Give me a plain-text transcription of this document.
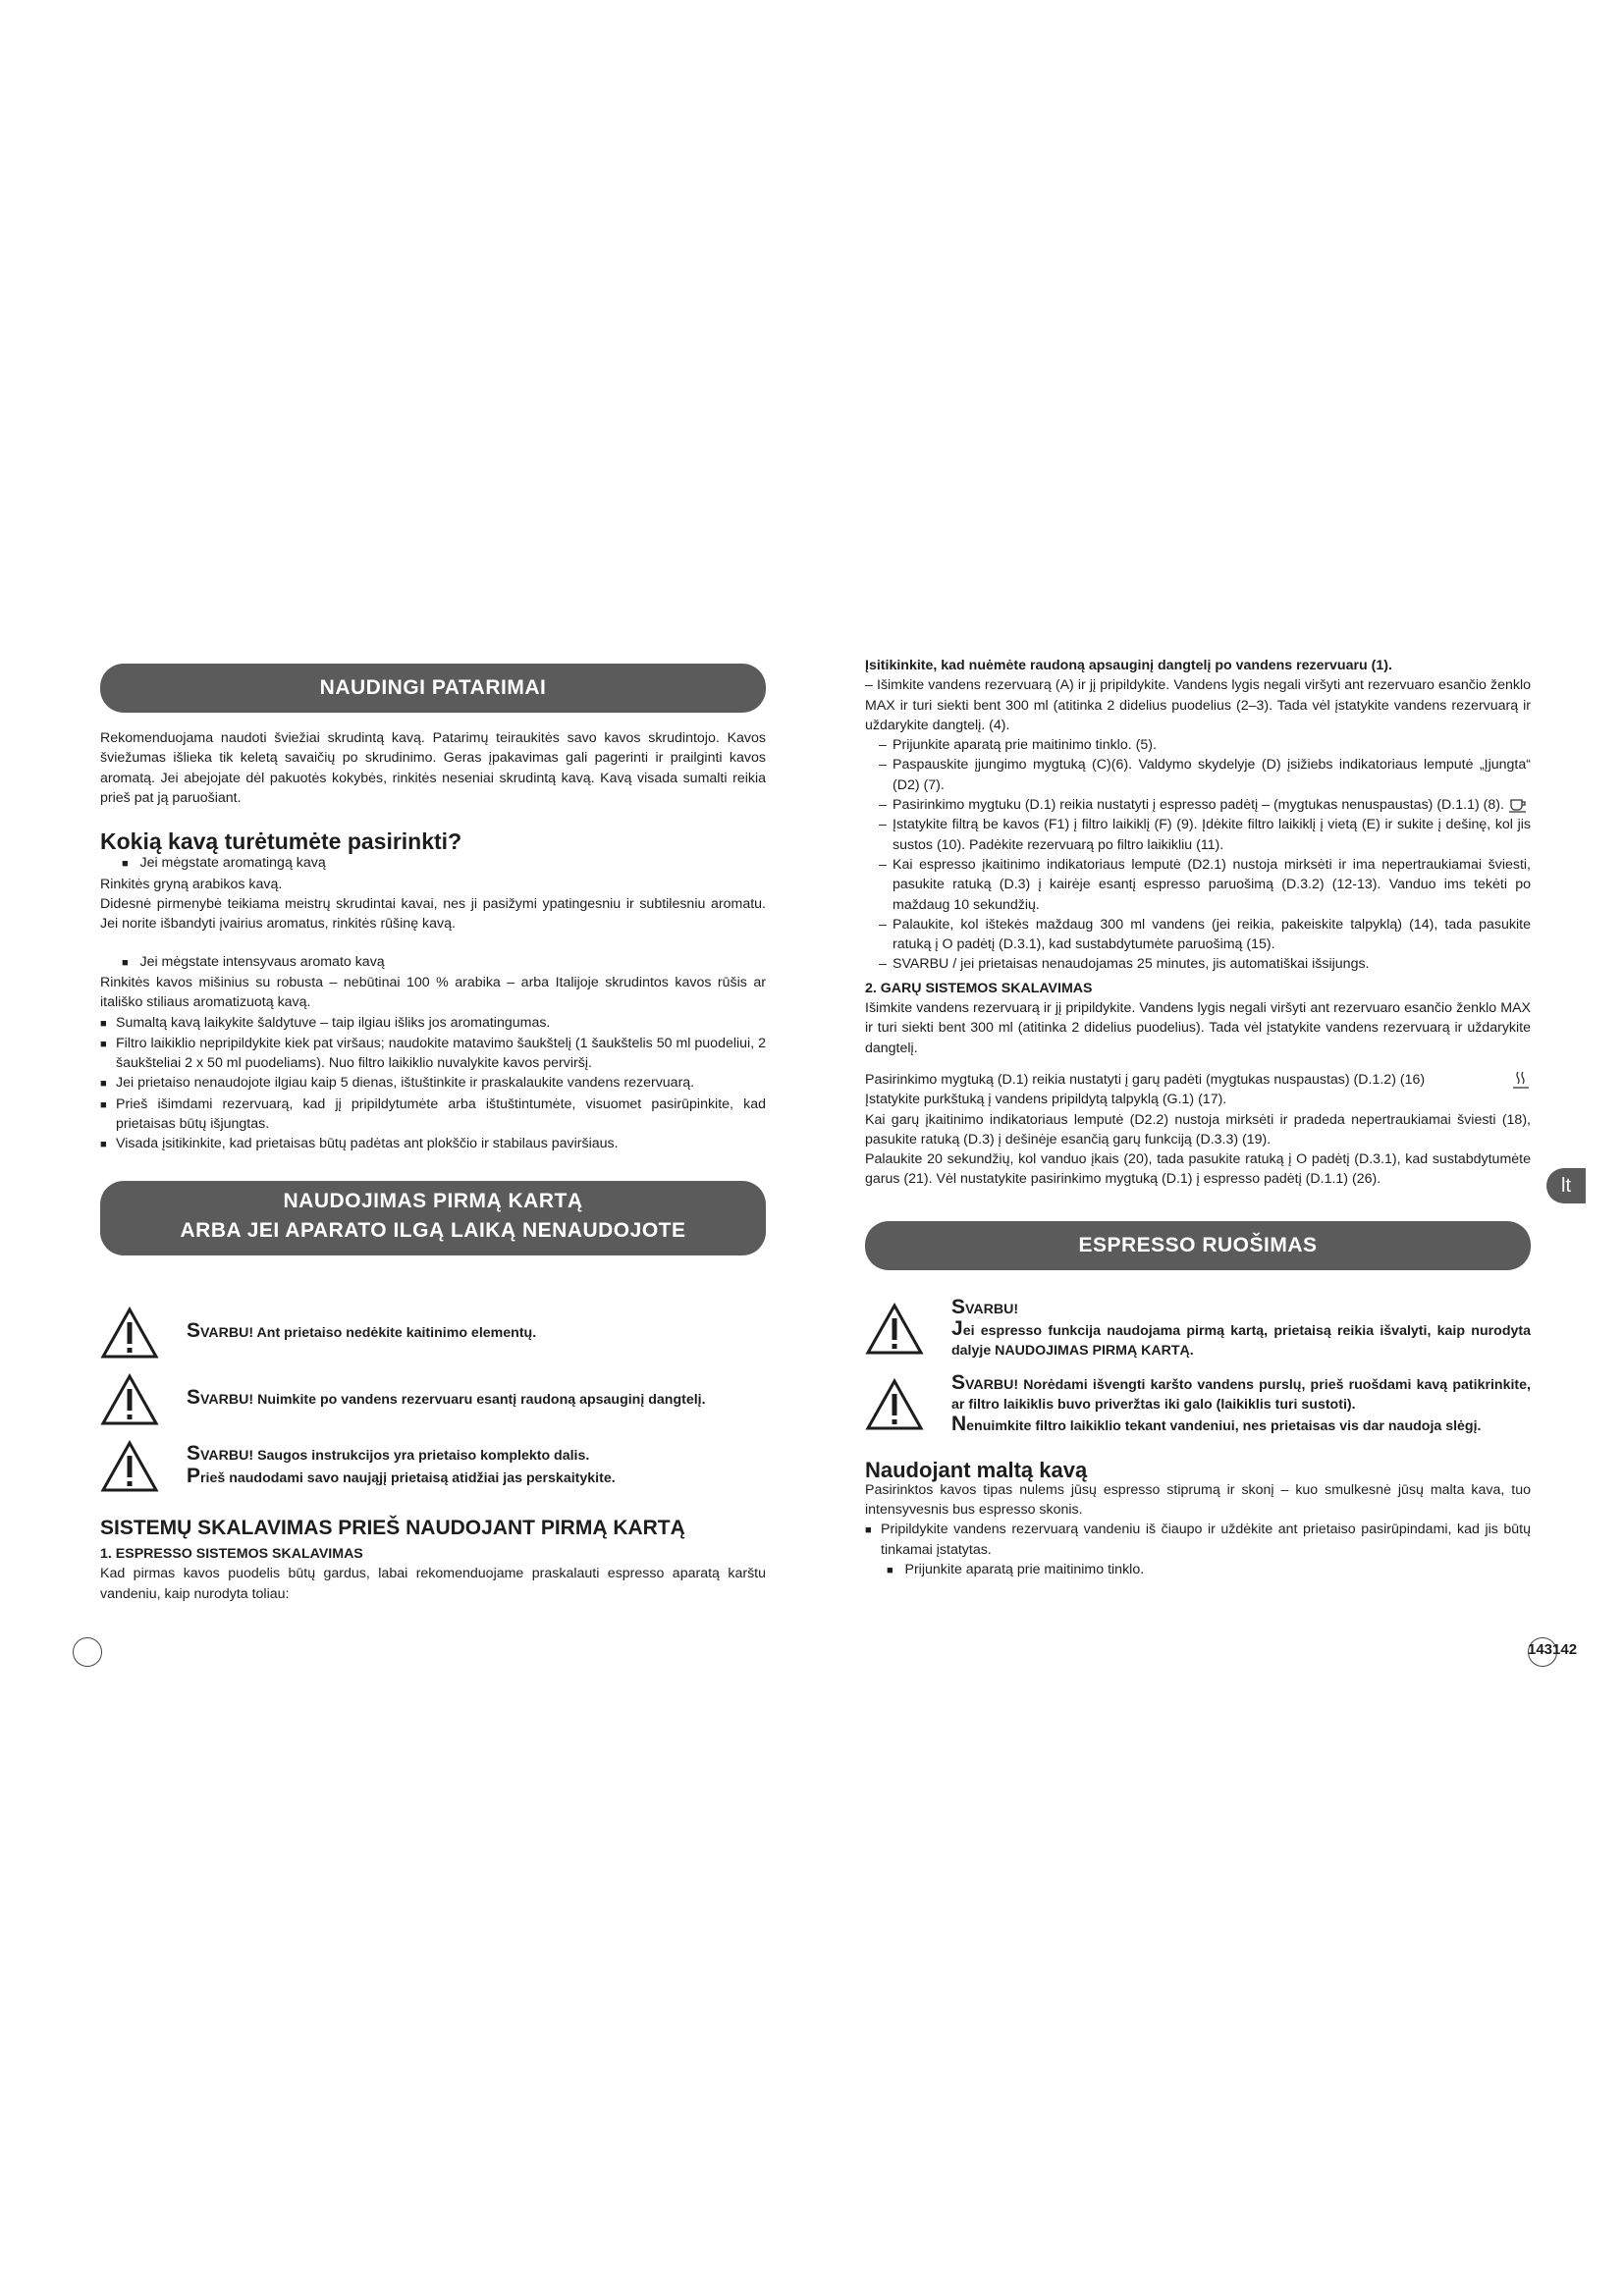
NAUDINGI PATARIMAI

Rekomenduojama naudoti šviežiai skrudintą kavą. Patarimų teiraukitės savo kavos skrudintojo. Kavos šviežumas išlieka tik keletą savaičių po skrudinimo. Geras įpakavimas gali pagerinti ir prailginti kavos aromatą. Jei abejojate dėl pakuotės kokybės, rinkitės neseniai skrudintą kavą. Kavą visada sumalti reikia prieš pat ją paruošiant.

Kokią kavą turėtumėte pasirinkti?
■ Jei mėgstate aromatingą kavą

Rinkitės gryną arabikos kavą.
Didesnė pirmenybė teikiama meistrų skrudintai kavai, nes ji pasižymi ypatingesniu ir subtilesniu aromatu. Jei norite išbandyti įvairius aromatus, rinkitės rūšinę kavą.

■ Jei mėgstate intensyvaus aromato kavą

Rinkitės kavos mišinius su robusta – nebūtinai 100 % arabika – arba Italijoje skrudintos kavos rūšis ar itališko stiliaus aromatizuotą kavą.

■

Sumaltą kavą laikykite šaldytuve – taip ilgiau išliks jos aromatingumas.

■

Filtro laikiklio nepripildykite kiek pat viršaus; naudokite matavimo šaukštelį (1 šaukštelis 50 ml puodeliui, 2 šaukšteliai 2 x 50 ml puodeliams). Nuo filtro laikiklio nuvalykite kavos perviršį.

■

Jei prietaiso nenaudojote ilgiau kaip 5 dienas, ištuštinkite ir praskalaukite vandens rezervuarą.

■

Prieš išimdami rezervuarą, kad jį pripildytumėte arba ištuštintumėte, visuomet pasirūpinkite, kad prietaisas būtų išjungtas.

■

Visada įsitikinkite, kad prietaisas būtų padėtas ant plokščio ir stabilaus paviršiaus.

NAUDOJIMAS PIRMĄ KARTĄ
ARBA JEI APARATO ILGĄ LAIKĄ NENAUDOJOTE
SVARBU! Ant prietaiso nedėkite kaitinimo elementų.
SVARBU! Nuimkite po vandens rezervuaru esantį raudoną apsauginį dangtelį.
SVARBU! Saugos instrukcijos yra prietaiso komplekto dalis.
Prieš naudodami savo naująjį prietaisą atidžiai jas perskaitykite.
SISTEMŲ SKALAVIMAS PRIEŠ NAUDOJANT PIRMĄ KARTĄ
1. ESPRESSO SISTEMOS SKALAVIMAS

Kad pirmas kavos puodelis būtų gardus, labai rekomenduojame praskalauti espresso aparatą karštu vandeniu, kaip nurodyta toliau:

Įsitikinkite, kad nuėmėte raudoną apsauginį dangtelį po vandens rezervuaru (1).

– Išimkite vandens rezervuarą (A) ir jį pripildykite. Vandens lygis negali viršyti ant rezervuaro esančio ženklo MAX ir turi siekti bent 300 ml (atitinka 2 didelius puodelius (2–3). Tada vėl įstatykite vandens rezervuarą ir uždarykite dangtelį. (4).

– Prijunkite aparatą prie maitinimo tinklo. (5).

– Paspauskite įjungimo mygtuką (C)(6). Valdymo skydelyje (D) įsižiebs indikatoriaus lemputė „Įjungta“ (D2) (7).

– Pasirinkimo mygtuku (D.1) reikia nustatyti į espresso padėtį – (mygtukas nenuspaustas) (D.1.1) (8).

– Įstatykite filtrą be kavos (F1) į filtro laikiklį (F) (9). Įdėkite filtro laikiklį į vietą (E) ir sukite į dešinę, kol jis sustos (10). Padėkite rezervuarą po filtro laikikliu (11).

– Kai espresso įkaitinimo indikatoriaus lemputė (D2.1) nustoja mirksėti ir ima nepertraukiamai šviesti, pasukite ratuką (D.3) į kairėje esantį espresso paruošimą (D.3.2) (12-13). Vanduo ims tekėti po maždaug 10 sekundžių.

– Palaukite, kol ištekės maždaug 300 ml vandens (jei reikia, pakeiskite talpyklą) (14), tada pasukite ratuką į O padėtį (D.3.1), kad sustabdytumėte paruošimą (15).

– SVARBU / jei prietaisas nenaudojamas 25 minutes, jis automatiškai išsijungs.

2. GARŲ SISTEMOS SKALAVIMAS

Išimkite vandens rezervuarą ir jį pripildykite. Vandens lygis negali viršyti ant rezervuaro esančio ženklo MAX ir turi siekti bent 300 ml (atitinka 2 didelius puodelius). Tada vėl įstatykite vandens rezervuarą ir uždarykite dangtelį.

Pasirinkimo mygtuką (D.1) reikia nustatyti į garų padėti (mygtukas nuspaustas) (D.1.2) (16)

Įstatykite purkštuką į vandens pripildytą talpyklą (G.1) (17).

Kai garų įkaitinimo indikatoriaus lemputė (D2.2) nustoja mirksėti ir pradeda nepertraukiamai šviesti (18), pasukite ratuką (D.3) į dešinėje esančią garų funkciją (D.3.3) (19).

Palaukite 20 sekundžių, kol vanduo įkais (20), tada pasukite ratuką į O padėtį (D.3.1), kad sustabdytumėte garus (21). Vėl nustatykite pasirinkimo mygtuką (D.1) į espresso padėtį (D.1.1) (26).

ESPRESSO RUOŠIMAS
SVARBU!

Jei espresso funkcija naudojama pirmą kartą, prietaisą reikia išvalyti, kaip nurodyta dalyje NAUDOJIMAS PIRMĄ KARTĄ.

SVARBU! Norėdami išvengti karšto vandens purslų, prieš ruošdami kavą patikrinkite, ar filtro laikiklis buvo priveržtas iki galo (laikiklis turi sustoti).

Nenuimkite filtro laikiklio tekant vandeniui, nes prietaisas vis dar naudoja slėgį.

Naudojant maltą kavą

Pasirinktos kavos tipas nulems jūsų espresso stiprumą ir skonį – kuo smulkesnė jūsų malta kava, tuo intensyvesnis bus espresso skonis.

■

Pripildykite vandens rezervuarą vandeniu iš čiaupo ir uždėkite ant prietaiso pasirūpindami, kad jis būtų tinkamai įstatytas.

■ Prijunkite aparatą prie maitinimo tinklo.
lt
143142
